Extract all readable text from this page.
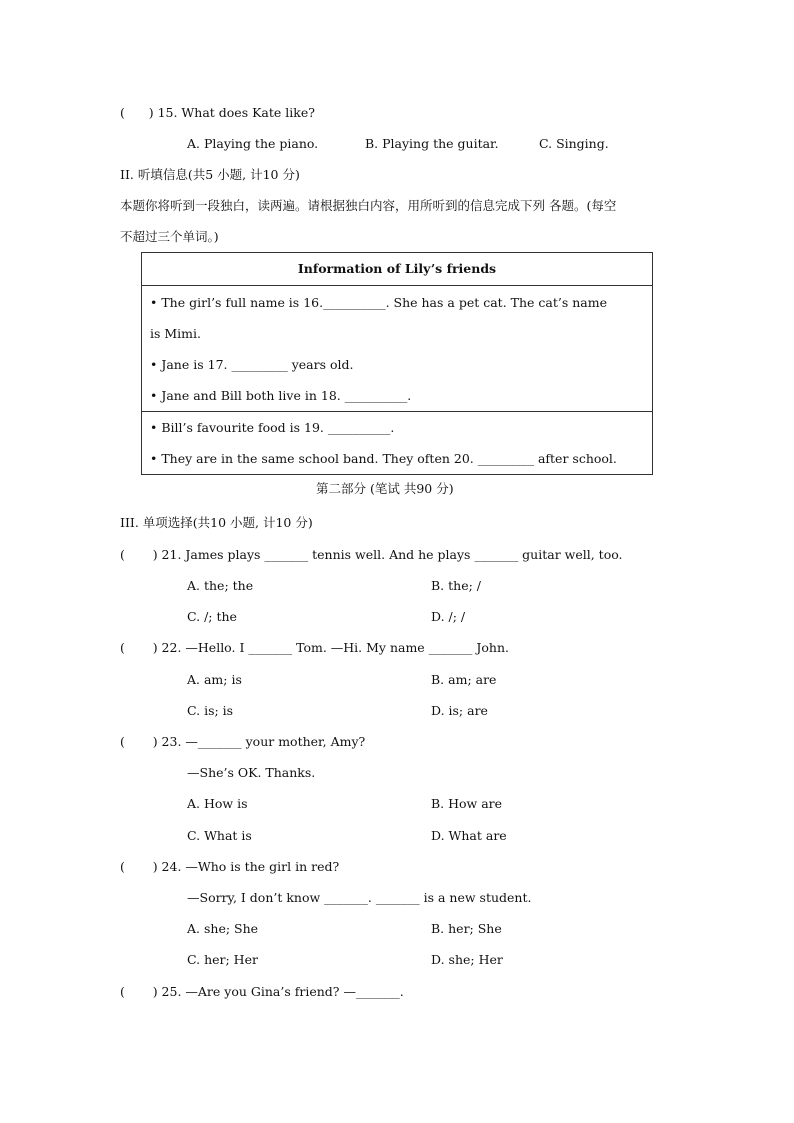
(      ) 15. What does Kate like?
A. Playing the piano.	B. Playing the guitar.	C. Singing.
II. 听填信息(共5 小题, 计10 分)
本题你将听到一段独白，读两遍。请根据独白内容，用所听到的信息完成下列 各题。(每空
不超过三个单词。)
Information of Lily’s friends

• The girl’s full name is 16.__________. She has a pet cat. The cat’s name
is Mimi.
• Jane is 17. _________ years old.
• Jane and Bill both live in 18. __________.

• Bill’s favourite food is 19. __________.
• They are in the same school band. They often 20. _________ after school.
第二部分 (笔试 共90 分)
III. 单项选择(共10 小题, 计10 分)
(       ) 21. James plays _______ tennis well. And he plays _______ guitar well, too.
A. the; the	B. the; /
C. /; the	D. /; /
(       ) 22. —Hello. I _______ Tom. —Hi. My name _______ John.
A. am; is	B. am; are
C. is; is	D. is; are
(       ) 23. —_______ your mother, Amy?
—She’s OK. Thanks.
A. How is	B. How are
C. What is	D. What are
(       ) 24. —Who is the girl in red?
—Sorry, I don’t know _______. _______ is a new student.
A. she; She	B. her; She
C. her; Her	D. she; Her
(       ) 25. —Are you Gina’s friend? —_______.
